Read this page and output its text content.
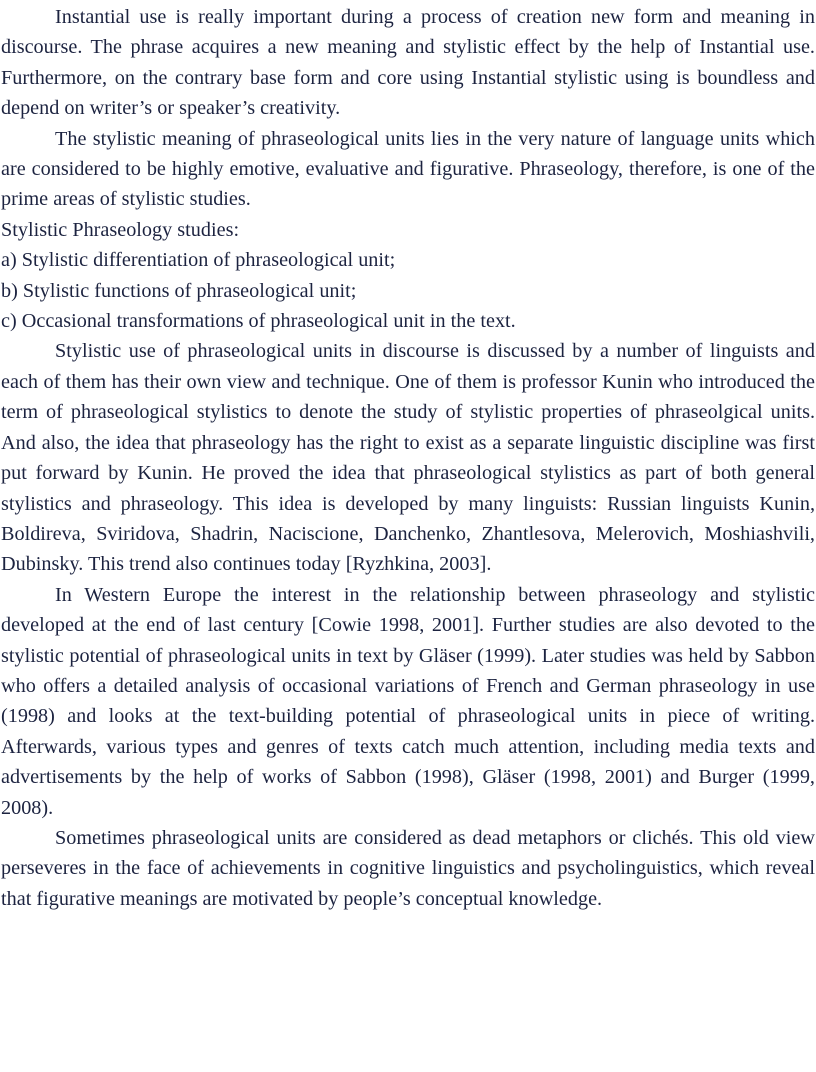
Instantial use is really important during a process of creation new form and meaning in discourse. The phrase acquires a new meaning and stylistic effect by the help of Instantial use. Furthermore, on the contrary base form and core using Instantial stylistic using is boundless and depend on writer’s or speaker’s creativity.

The stylistic meaning of phraseological units lies in the very nature of language units which are considered to be highly emotive, evaluative and figurative. Phraseology, therefore, is one of the prime areas of stylistic studies.

Stylistic Phraseology studies:

a) Stylistic differentiation of phraseological unit;
b) Stylistic functions of phraseological unit;
c) Occasional transformations of phraseological unit in the text.

Stylistic use of phraseological units in discourse is discussed by a number of linguists and each of them has their own view and technique. One of them is professor Kunin who introduced the term of phraseological stylistics to denote the study of stylistic properties of phraseolgical units. And also, the idea that phraseology has the right to exist as a separate linguistic discipline was first put forward by Kunin. He proved the idea that phraseological stylistics as part of both general stylistics and phraseology. This idea is developed by many linguists: Russian linguists Kunin, Boldireva, Sviridova, Shadrin, Naciscione, Danchenko, Zhantlesova, Melerovich, Moshiashvili, Dubinsky. This trend also continues today [Ryzhkina, 2003].

In Western Europe the interest in the relationship between phraseology and stylistic developed at the end of last century [Cowie 1998, 2001]. Further studies are also devoted to the stylistic potential of phraseological units in text by Gläser (1999). Later studies was held by Sabbon who offers a detailed analysis of occasional variations of French and German phraseology in use (1998) and looks at the text-building potential of phraseological units in piece of writing. Afterwards, various types and genres of texts catch much attention, including media texts and advertisements by the help of works of Sabbon (1998), Gläser (1998, 2001) and Burger (1999, 2008).

Sometimes phraseological units are considered as dead metaphors or clichés. This old view perseveres in the face of achievements in cognitive linguistics and psycholinguistics, which reveal that figurative meanings are motivated by people’s conceptual knowledge.
